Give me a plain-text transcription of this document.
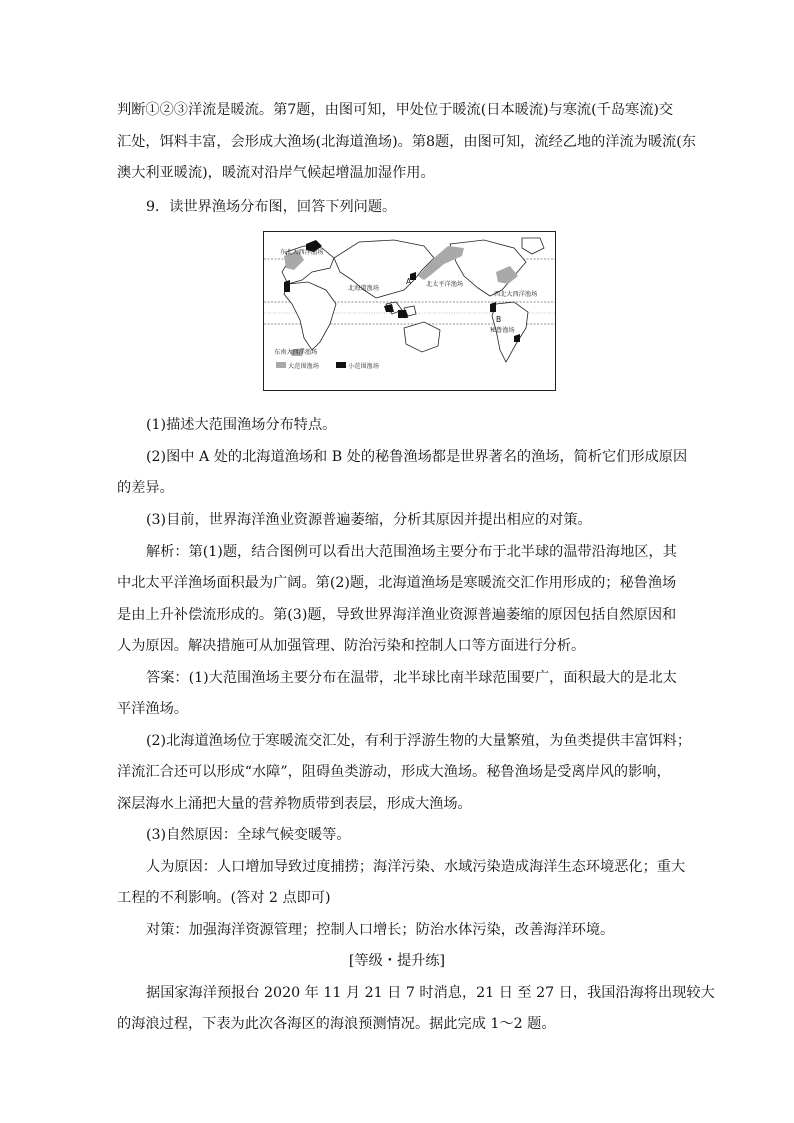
判断①②③洋流是暖流。第7题，由图可知，甲处位于暖流(日本暖流)与寒流(千岛寒流)交

汇处，饵料丰富，会形成大渔场(北海道渔场)。第8题，由图可知，流经乙地的洋流为暖流(东

澳大利亚暖流)，暖流对沿岸气候起增温加湿作用。

9．读世界渔场分布图，回答下列问题。

东北大西洋渔场
北海道渔场
北太平洋渔场
西北大西洋渔场
秘鲁渔场
东南大西洋渔场
A
B
大范围渔场	小范围渔场

(1)描述大范围渔场分布特点。

(2)图中 A 处的北海道渔场和 B 处的秘鲁渔场都是世界著名的渔场，简析它们形成原因

的差异。

(3)目前，世界海洋渔业资源普遍萎缩，分析其原因并提出相应的对策。

解析：第(1)题，结合图例可以看出大范围渔场主要分布于北半球的温带沿海地区，其

中北太平洋渔场面积最为广阔。第(2)题，北海道渔场是寒暖流交汇作用形成的；秘鲁渔场

是由上升补偿流形成的。第(3)题，导致世界海洋渔业资源普遍萎缩的原因包括自然原因和

人为原因。解决措施可从加强管理、防治污染和控制人口等方面进行分析。

答案：(1)大范围渔场主要分布在温带，北半球比南半球范围要广，面积最大的是北太

平洋渔场。

(2)北海道渔场位于寒暖流交汇处，有利于浮游生物的大量繁殖，为鱼类提供丰富饵料；

洋流汇合还可以形成“水障”，阻碍鱼类游动，形成大渔场。秘鲁渔场是受离岸风的影响，

深层海水上涌把大量的营养物质带到表层，形成大渔场。

(3)自然原因：全球气候变暖等。

人为原因：人口增加导致过度捕捞；海洋污染、水域污染造成海洋生态环境恶化；重大

工程的不利影响。(答对 2 点即可)

对策：加强海洋资源管理；控制人口增长；防治水体污染，改善海洋环境。

[等级・提升练]

据国家海洋预报台 2020 年 11 月 21 日 7 时消息，21 日 至 27 日，我国沿海将出现较大

的海浪过程，下表为此次各海区的海浪预测情况。据此完成 1～2 题。
